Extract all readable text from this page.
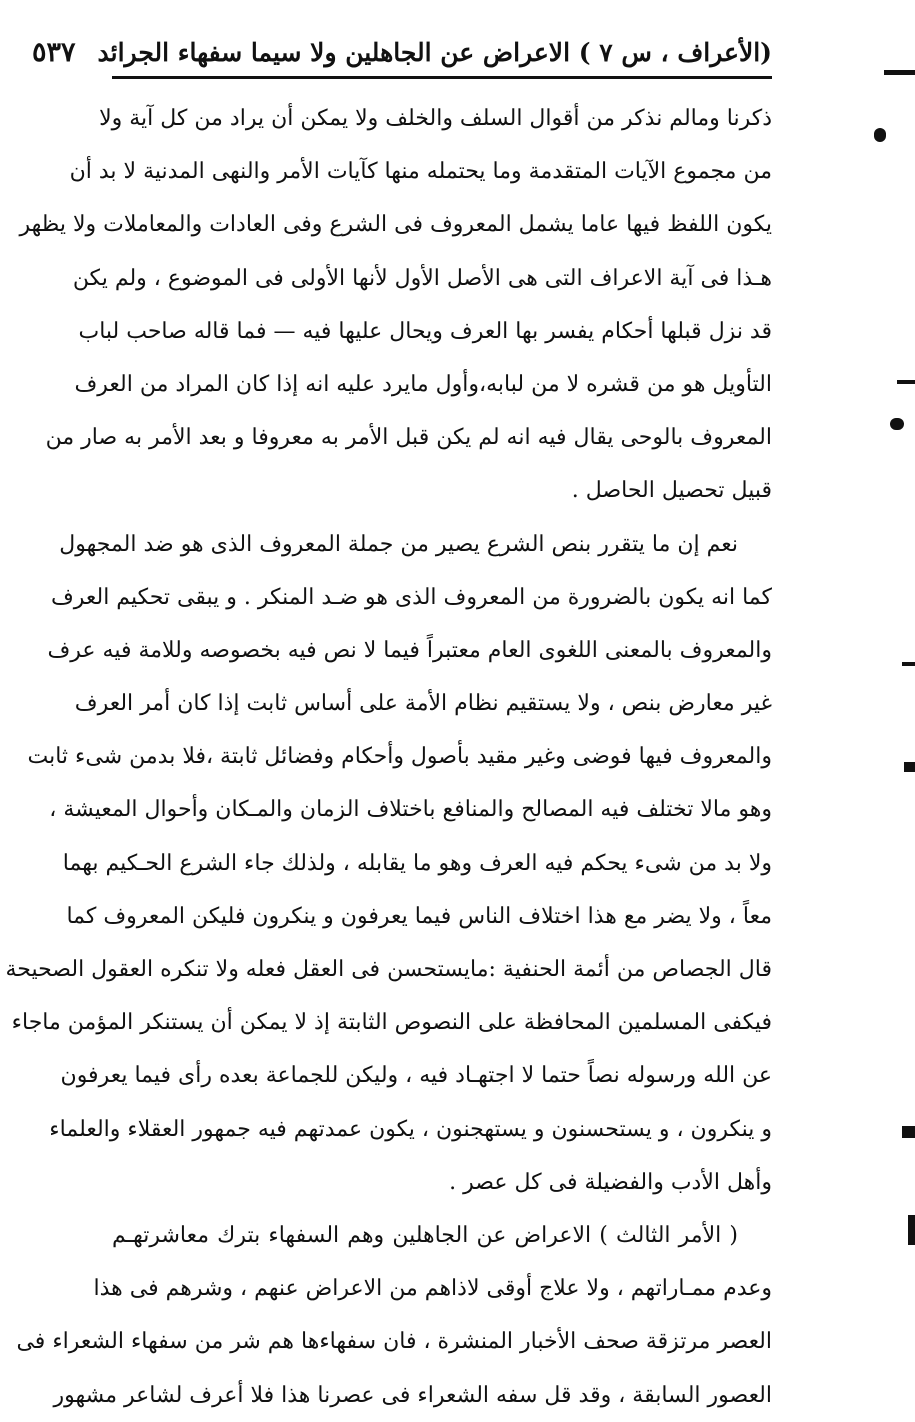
(الأعراف ، س ٧ ) الاعراض عن الجاهلين ولا سيما سفهاء الجرائد
٥٣٧
ذكرنا ومالم نذكر من أقوال السلف والخلف ولا يمكن أن يراد من كل آية ولا
من مجموع الآيات المتقدمة وما يحتمله منها كآيات الأمر والنهى المدنية لا بد أن
يكون اللفظ فيها عاما يشمل المعروف فى الشرع وفى العادات والمعاملات ولا يظهر
هـذا فى آية الاعراف التى هى الأصل الأول لأنها الأولى فى الموضوع ، ولم يكن
قد نزل قبلها أحكام يفسر بها العرف ويحال عليها فيه — فما قاله صاحب لباب
التأويل هو من قشره لا من لبابه،وأول مايرد عليه انه إذا كان المراد من العرف
المعروف بالوحى يقال فيه انه لم يكن قبل الأمر به معروفا و بعد الأمر به صار من
قبيل تحصيل الحاصل .
نعم إن ما يتقرر بنص الشرع يصير من جملة المعروف الذى هو ضد المجهول
كما انه يكون بالضرورة من المعروف الذى هو ضـد المنكر . و يبقى تحكيم العرف
والمعروف بالمعنى اللغوى العام معتبراً فيما لا نص فيه بخصوصه وللامة فيه عرف
غير معارض بنص ، ولا يستقيم نظام الأمة على أساس ثابت إذا كان أمر العرف
والمعروف فيها فوضى وغير مقيد بأصول وأحكام وفضائل ثابتة ،فلا بدمن شىء ثابت
وهو مالا تختلف فيه المصالح والمنافع باختلاف الزمان والمـكان وأحوال المعيشة ،
ولا بد من شىء يحكم فيه العرف وهو ما يقابله ، ولذلك جاء الشرع الحـكيم بهما
معاً ، ولا يضر مع هذا اختلاف الناس فيما يعرفون و ينكرون فليكن المعروف كما
قال الجصاص من أئمة الحنفية :مايستحسن فى العقل فعله ولا تنكره العقول الصحيحة
فيكفى المسلمين المحافظة على النصوص الثابتة إذ لا يمكن أن يستنكر المؤمن ماجاء
عن الله ورسوله نصاً حتما لا اجتهـاد فيه ، وليكن للجماعة بعده رأى فيما يعرفون
و ينكرون ، و يستحسنون و يستهجنون ، يكون عمدتهم فيه جمهور العقلاء والعلماء
وأهل الأدب والفضيلة فى كل عصر .
( الأمر الثالث ) الاعراض عن الجاهلين وهم السفهاء بترك معاشرتهـم
وعدم ممـاراتهم ، ولا علاج أوقى لاذاهم من الاعراض عنهم ، وشرهم فى هذا
العصر مرتزقة صحف الأخبار المنشرة ، فان سفهاءها هم شر من سفهاء الشعراء فى
العصور السابقة ، وقد قل سفه الشعراء فى عصرنا هذا فلا أعرف لشاعر مشهور
